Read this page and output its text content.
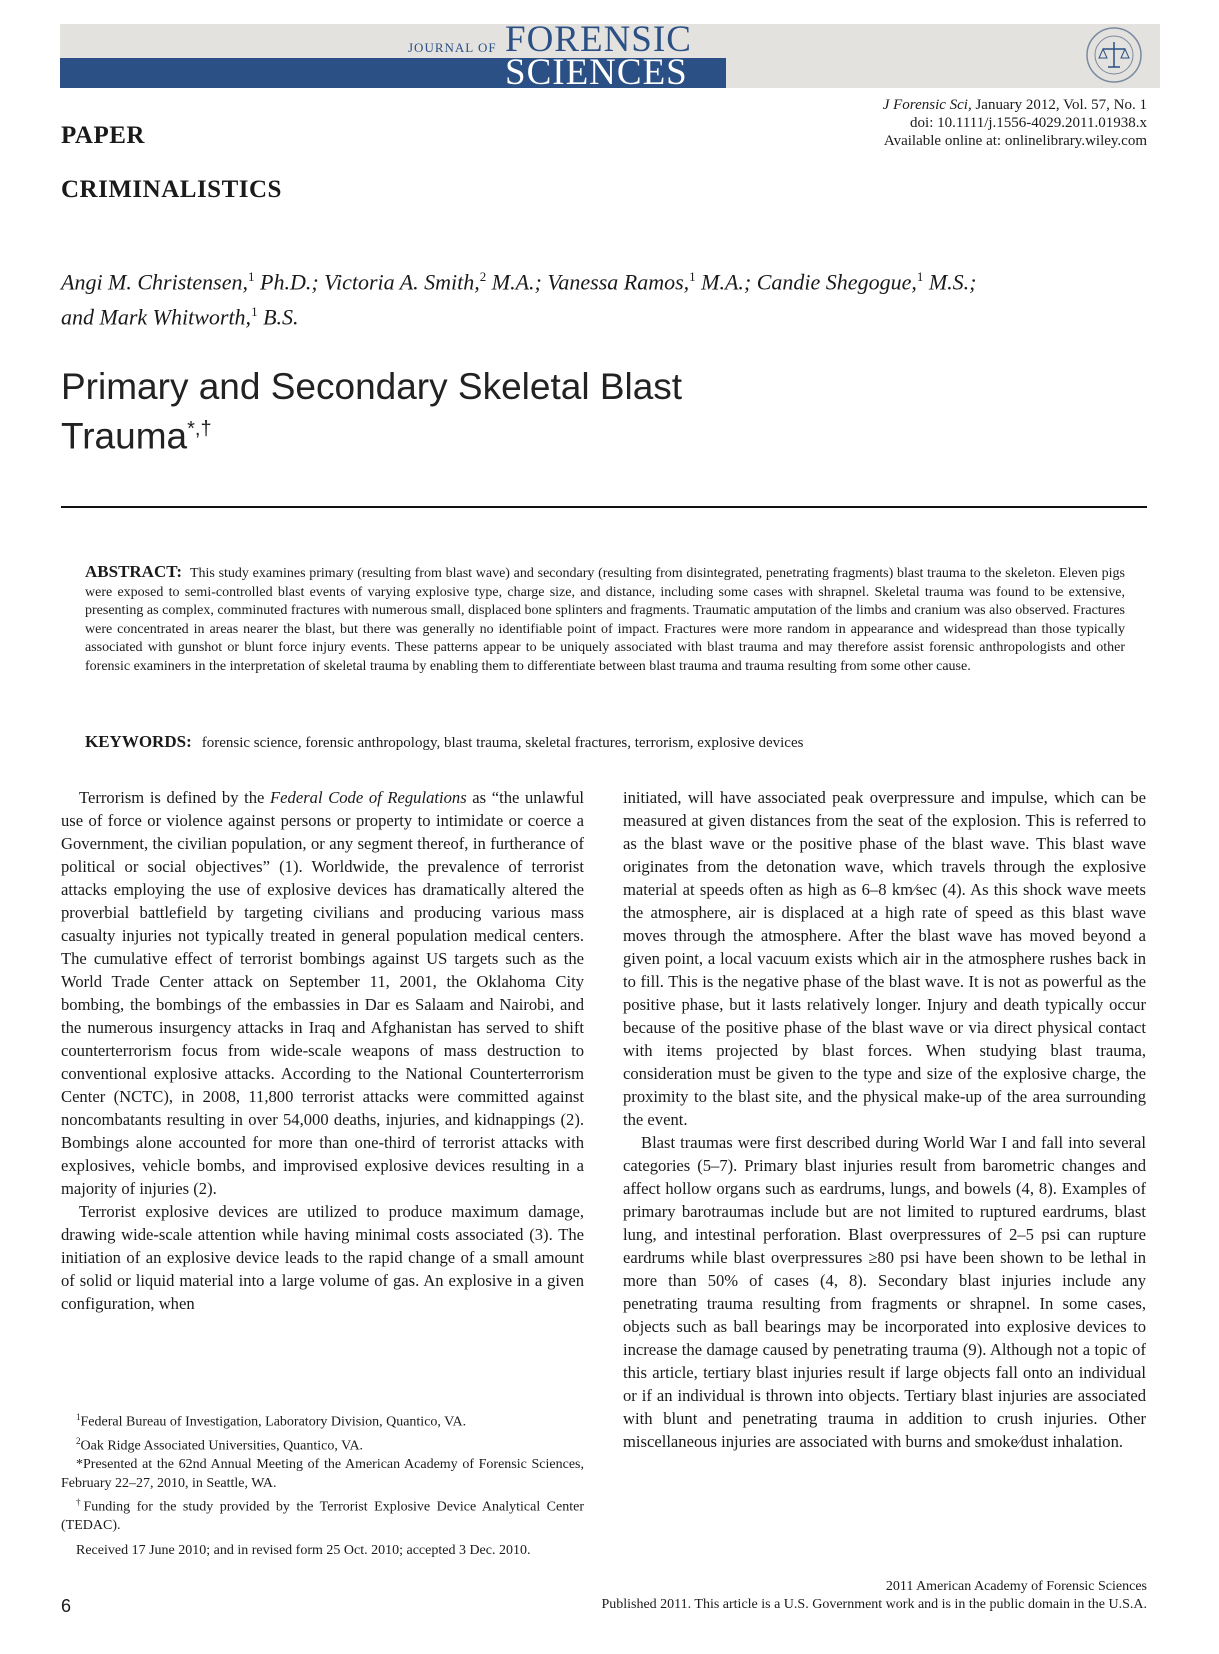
JOURNAL OF FORENSIC
SCIENCES
J Forensic Sci, January 2012, Vol. 57, No. 1
doi: 10.1111/j.1556-4029.2011.01938.x
Available online at: onlinelibrary.wiley.com
PAPER
CRIMINALISTICS
Angi M. Christensen,$^1$ Ph.D.; Victoria A. Smith,$^2$ M.A.; Vanessa Ramos,$^1$ M.A.; Candie Shegogue,$^1$ M.S.;
and Mark Whitworth,$^1$ B.S.
Primary and Secondary Skeletal Blast
Trauma*,†
ABSTRACT: This study examines primary (resulting from blast wave) and secondary (resulting from disintegrated, penetrating fragments) blast trauma to the skeleton. Eleven pigs were exposed to semi-controlled blast events of varying explosive type, charge size, and distance, including some cases with shrapnel. Skeletal trauma was found to be extensive, presenting as complex, comminuted fractures with numerous small, displaced bone splinters and fragments. Traumatic amputation of the limbs and cranium was also observed. Fractures were concentrated in areas nearer the blast, but there was generally no identifiable point of impact. Fractures were more random in appearance and widespread than those typically associated with gunshot or blunt force injury events. These patterns appear to be uniquely associated with blast trauma and may therefore assist forensic anthropologists and other forensic examiners in the interpretation of skeletal trauma by enabling them to differentiate between blast trauma and trauma resulting from some other cause.
KEYWORDS: forensic science, forensic anthropology, blast trauma, skeletal fractures, terrorism, explosive devices

Terrorism is defined by the Federal Code of Regulations as “the unlawful use of force or violence against persons or property to intimidate or coerce a Government, the civilian population, or any segment thereof, in furtherance of political or social objectives” (1). Worldwide, the prevalence of terrorist attacks employing the use of explosive devices has dramatically altered the proverbial battlefield by targeting civilians and producing various mass casualty injuries not typically treated in general population medical centers. The cumulative effect of terrorist bombings against US targets such as the World Trade Center attack on September 11, 2001, the Oklahoma City bombing, the bombings of the embassies in Dar es Salaam and Nairobi, and the numerous insurgency attacks in Iraq and Afghanistan has served to shift counterterrorism focus from wide-scale weapons of mass destruction to conventional explosive attacks. According to the National Counterterrorism Center (NCTC), in 2008, 11,800 terrorist attacks were committed against noncombatants resulting in over 54,000 deaths, injuries, and kidnappings (2). Bombings alone accounted for more than one-third of terrorist attacks with explosives, vehicle bombs, and improvised explosive devices resulting in a majority of injuries (2).

Terrorist explosive devices are utilized to produce maximum damage, drawing wide-scale attention while having minimal costs associated (3). The initiation of an explosive device leads to the rapid change of a small amount of solid or liquid material into a large volume of gas. An explosive in a given configuration, when

initiated, will have associated peak overpressure and impulse, which can be measured at given distances from the seat of the explosion. This is referred to as the blast wave or the positive phase of the blast wave. This blast wave originates from the detonation wave, which travels through the explosive material at speeds often as high as 6–8 km⁄sec (4). As this shock wave meets the atmosphere, air is displaced at a high rate of speed as this blast wave moves through the atmosphere. After the blast wave has moved beyond a given point, a local vacuum exists which air in the atmosphere rushes back in to fill. This is the negative phase of the blast wave. It is not as powerful as the positive phase, but it lasts relatively longer. Injury and death typically occur because of the positive phase of the blast wave or via direct physical contact with items projected by blast forces. When studying blast trauma, consideration must be given to the type and size of the explosive charge, the proximity to the blast site, and the physical make-up of the area surrounding the event.

Blast traumas were first described during World War I and fall into several categories (5–7). Primary blast injuries result from barometric changes and affect hollow organs such as eardrums, lungs, and bowels (4, 8). Examples of primary barotraumas include but are not limited to ruptured eardrums, blast lung, and intestinal perforation. Blast overpressures of 2–5 psi can rupture eardrums while blast overpressures ≥80 psi have been shown to be lethal in more than 50% of cases (4, 8). Secondary blast injuries include any penetrating trauma resulting from fragments or shrapnel. In some cases, objects such as ball bearings may be incorporated into explosive devices to increase the damage caused by penetrating trauma (9). Although not a topic of this article, tertiary blast injuries result if large objects fall onto an individual or if an individual is thrown into objects. Tertiary blast injuries are associated with blunt and penetrating trauma in addition to crush injuries. Other miscellaneous injuries are associated with burns and smoke⁄dust inhalation.

$^1$Federal Bureau of Investigation, Laboratory Division, Quantico, VA.

$^2$Oak Ridge Associated Universities, Quantico, VA.

*Presented at the 62nd Annual Meeting of the American Academy of Forensic Sciences, February 22–27, 2010, in Seattle, WA.

†Funding for the study provided by the Terrorist Explosive Device Analytical Center (TEDAC).

Received 17 June 2010; and in revised form 25 Oct. 2010; accepted 3 Dec. 2010.

6
2011 American Academy of Forensic Sciences
Published 2011. This article is a U.S. Government work and is in the public domain in the U.S.A.
